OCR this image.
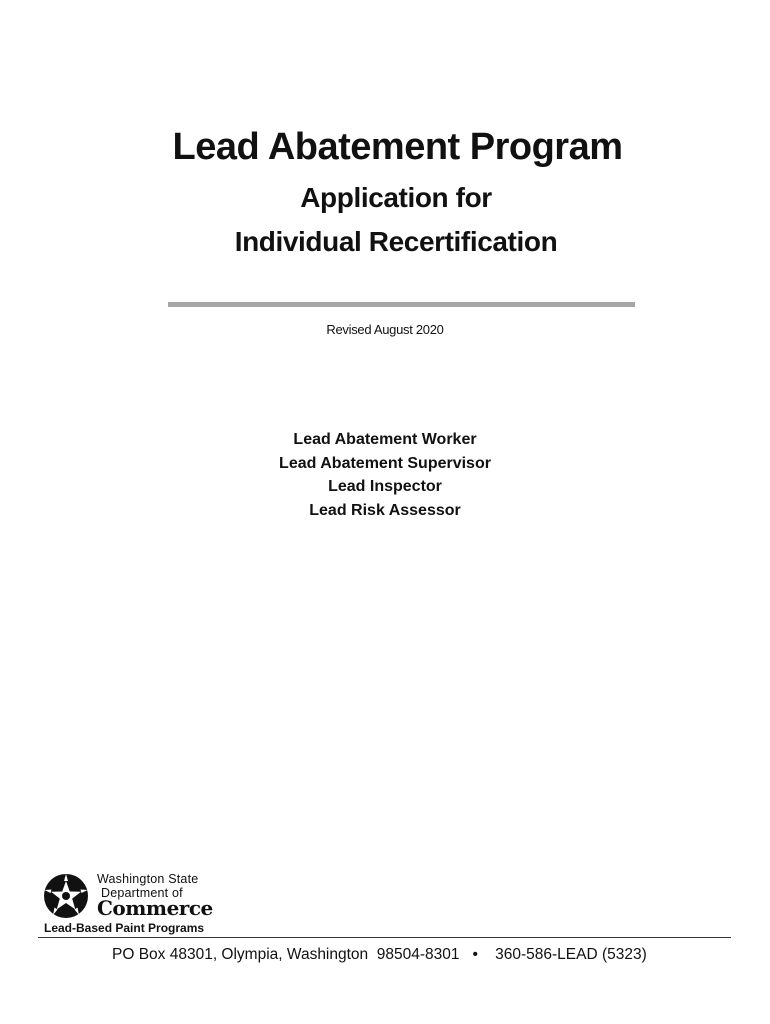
Lead Abatement Program
Application for
Individual Recertification
Revised August 2020
Lead Abatement Worker
Lead Abatement Supervisor
Lead Inspector
Lead Risk Assessor
Washington State
Department of
Commerce
Lead-Based Paint Programs
PO Box 48301, Olympia, Washington  98504-8301 • 360-586-LEAD (5323)
